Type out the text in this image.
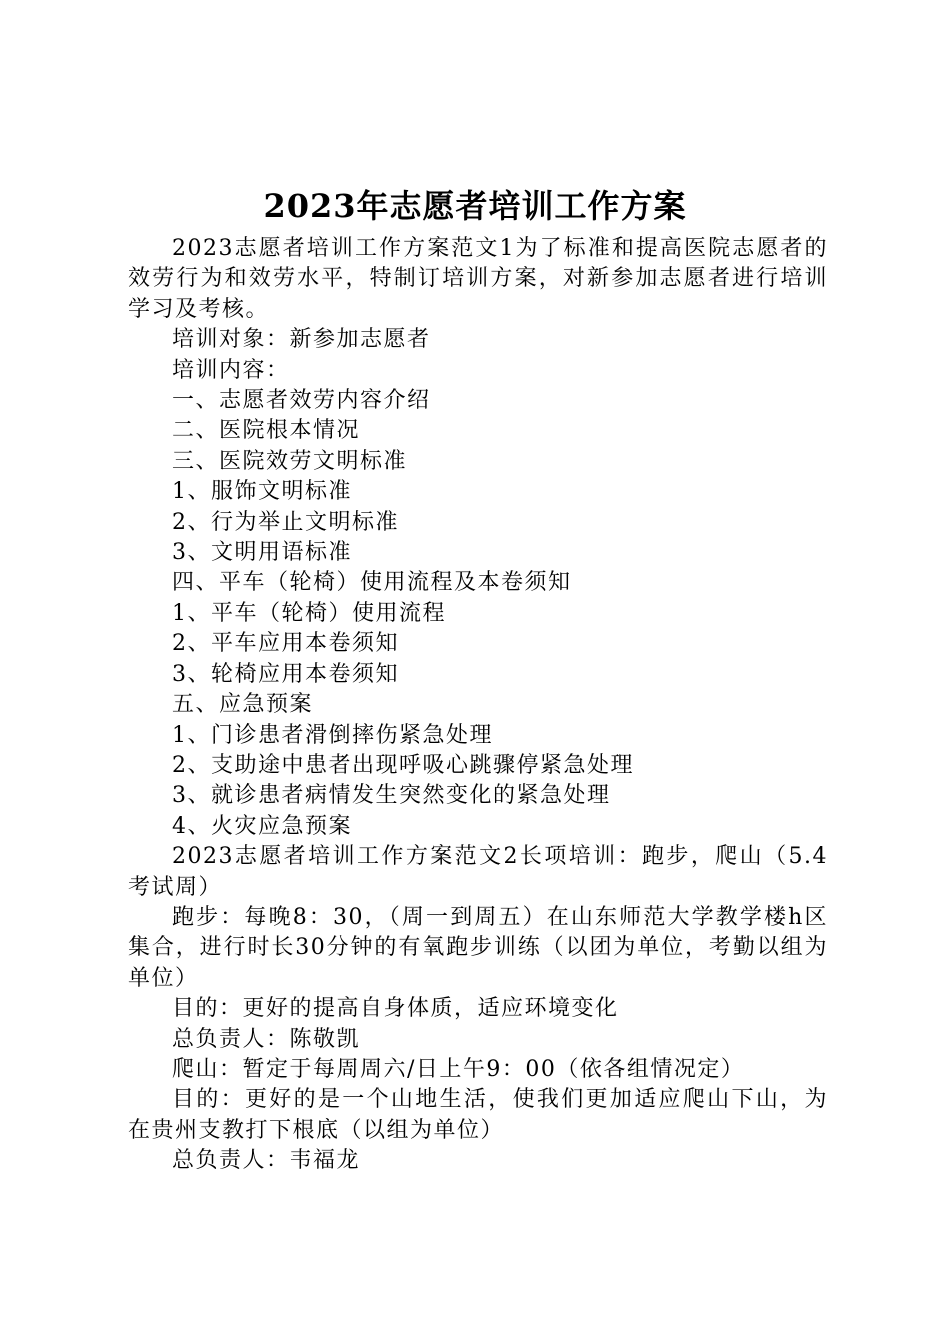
2023年志愿者培训工作方案

2023志愿者培训工作方案范文1为了标准和提高医院志愿者的效劳行为和效劳水平，特制订培训方案，对新参加志愿者进行培训学习及考核。

培训对象：新参加志愿者

培训内容：

一、志愿者效劳内容介绍

二、医院根本情况

三、医院效劳文明标准

1、服饰文明标准

2、行为举止文明标准

3、文明用语标准

四、平车（轮椅）使用流程及本卷须知

1、平车（轮椅）使用流程

2、平车应用本卷须知

3、轮椅应用本卷须知

五、应急预案

1、门诊患者滑倒摔伤紧急处理

2、支助途中患者出现呼吸心跳骤停紧急处理

3、就诊患者病情发生突然变化的紧急处理

4、火灾应急预案

2023志愿者培训工作方案范文2长项培训：跑步，爬山（5.4考试周）

跑步：每晚8：30，（周一到周五）在山东师范大学教学楼h区集合，进行时长30分钟的有氧跑步训练（以团为单位，考勤以组为单位）

目的：更好的提高自身体质，适应环境变化

总负责人：陈敬凯

爬山：暂定于每周周六/日上午9：00（依各组情况定）

目的：更好的是一个山地生活，使我们更加适应爬山下山，为在贵州支教打下根底（以组为单位）

总负责人：韦福龙
